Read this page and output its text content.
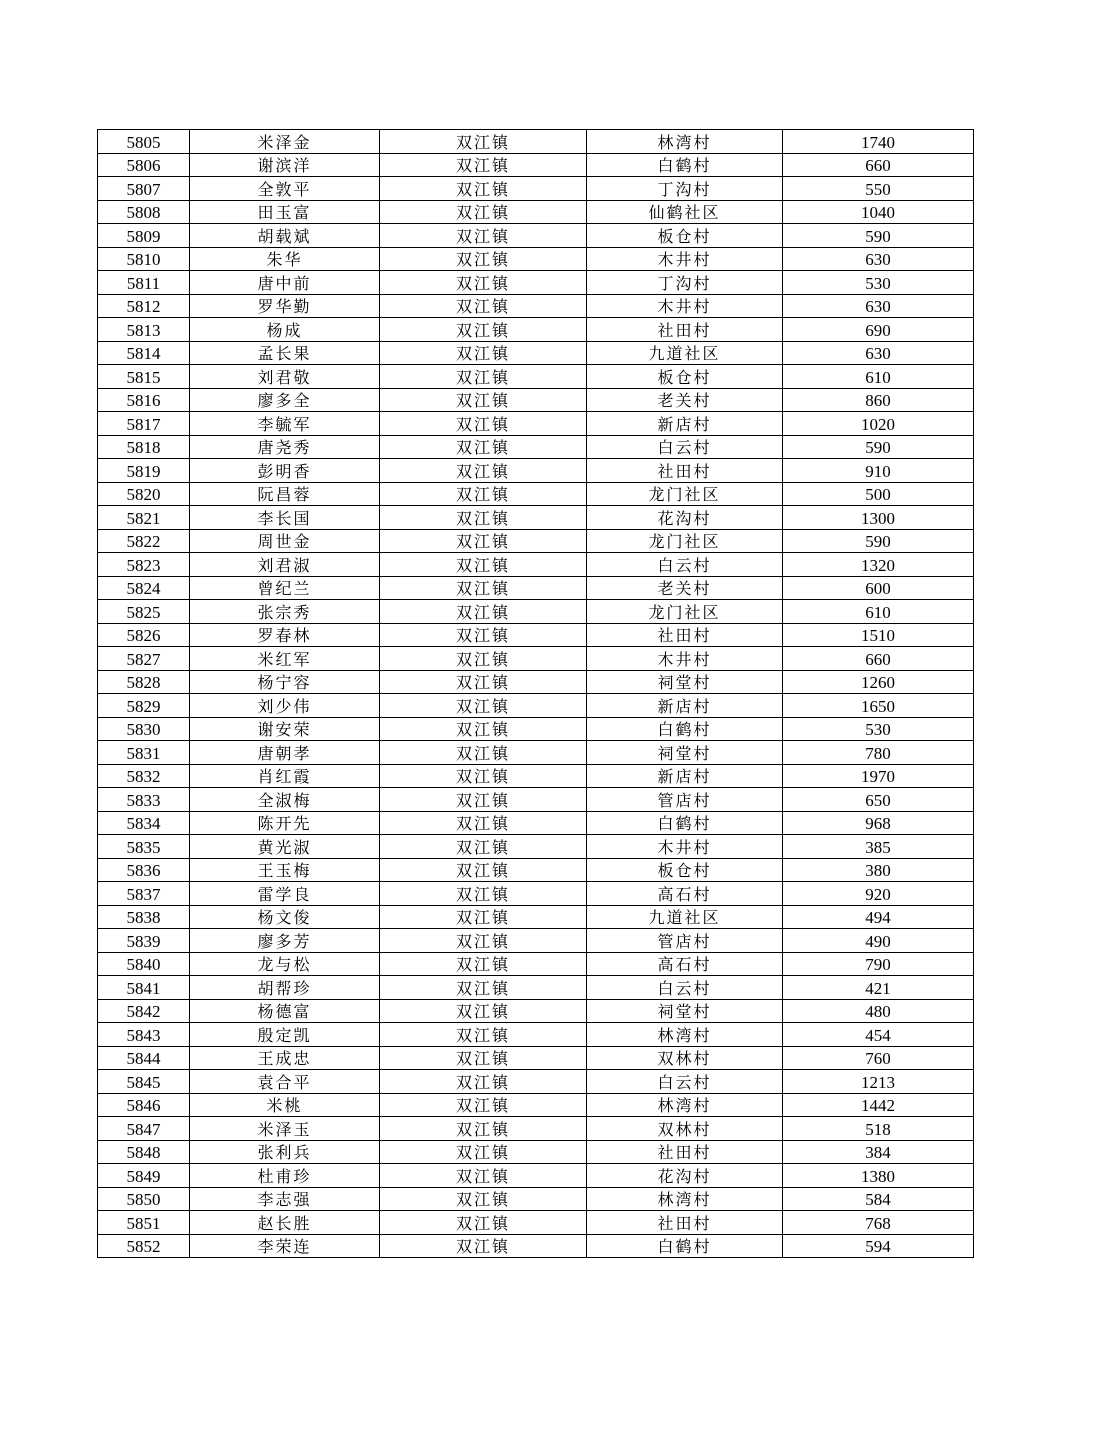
5805	米泽金	双江镇	林湾村	1740
5806	谢滨洋	双江镇	白鹤村	660
5807	全敦平	双江镇	丁沟村	550
5808	田玉富	双江镇	仙鹤社区	1040
5809	胡载斌	双江镇	板仓村	590
5810	朱华	双江镇	木井村	630
5811	唐中前	双江镇	丁沟村	530
5812	罗华勤	双江镇	木井村	630
5813	杨成	双江镇	社田村	690
5814	孟长果	双江镇	九道社区	630
5815	刘君敬	双江镇	板仓村	610
5816	廖多全	双江镇	老关村	860
5817	李毓军	双江镇	新店村	1020
5818	唐尧秀	双江镇	白云村	590
5819	彭明香	双江镇	社田村	910
5820	阮昌蓉	双江镇	龙门社区	500
5821	李长国	双江镇	花沟村	1300
5822	周世金	双江镇	龙门社区	590
5823	刘君淑	双江镇	白云村	1320
5824	曾纪兰	双江镇	老关村	600
5825	张宗秀	双江镇	龙门社区	610
5826	罗春林	双江镇	社田村	1510
5827	米红军	双江镇	木井村	660
5828	杨宁容	双江镇	祠堂村	1260
5829	刘少伟	双江镇	新店村	1650
5830	谢安荣	双江镇	白鹤村	530
5831	唐朝孝	双江镇	祠堂村	780
5832	肖红霞	双江镇	新店村	1970
5833	全淑梅	双江镇	管店村	650
5834	陈开先	双江镇	白鹤村	968
5835	黄光淑	双江镇	木井村	385
5836	王玉梅	双江镇	板仓村	380
5837	雷学良	双江镇	高石村	920
5838	杨文俊	双江镇	九道社区	494
5839	廖多芳	双江镇	管店村	490
5840	龙与松	双江镇	高石村	790
5841	胡帮珍	双江镇	白云村	421
5842	杨德富	双江镇	祠堂村	480
5843	殷定凯	双江镇	林湾村	454
5844	王成忠	双江镇	双林村	760
5845	袁合平	双江镇	白云村	1213
5846	米桃	双江镇	林湾村	1442
5847	米泽玉	双江镇	双林村	518
5848	张利兵	双江镇	社田村	384
5849	杜甫珍	双江镇	花沟村	1380
5850	李志强	双江镇	林湾村	584
5851	赵长胜	双江镇	社田村	768
5852	李荣连	双江镇	白鹤村	594
